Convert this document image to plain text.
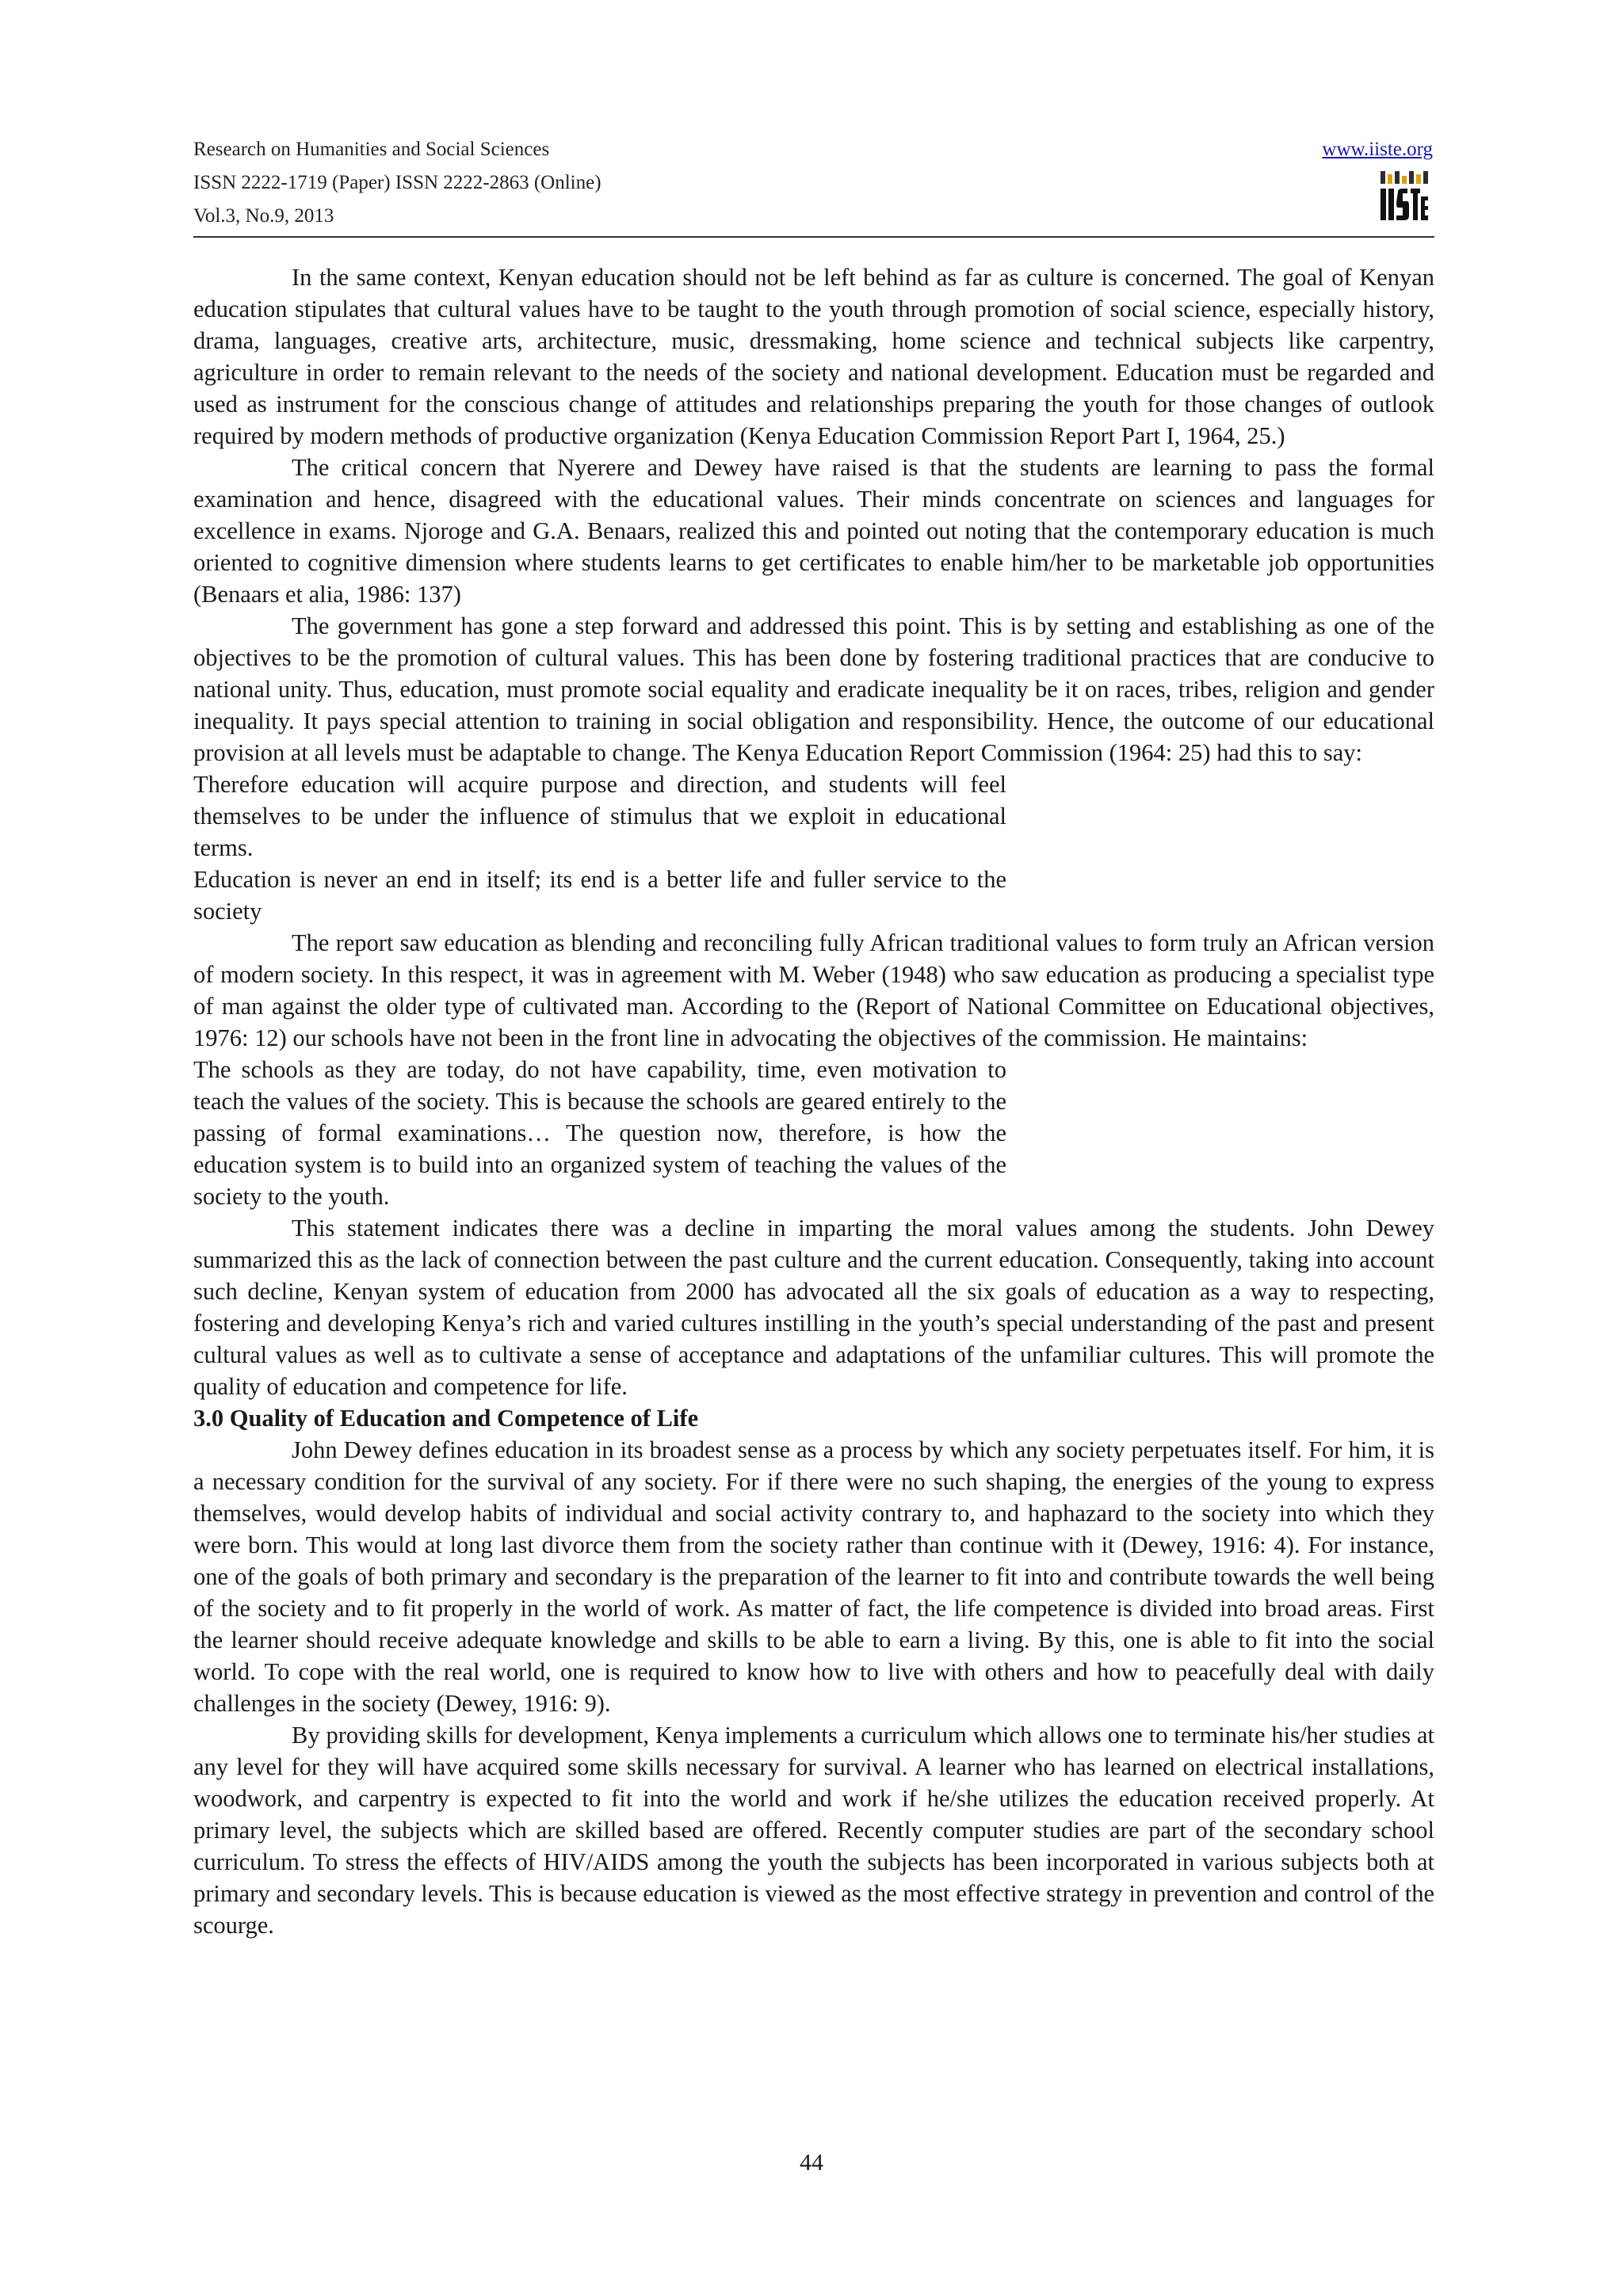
Research on Humanities and Social Sciences
ISSN 2222-1719 (Paper) ISSN 2222-2863 (Online)
Vol.3, No.9, 2013
www.iiste.org

In the same context, Kenyan education should not be left behind as far as culture is concerned. The goal of Kenyan education stipulates that cultural values have to be taught to the youth through promotion of social science, especially history, drama, languages, creative arts, architecture, music, dressmaking, home science and technical subjects like carpentry, agriculture in order to remain relevant to the needs of the society and national development. Education must be regarded and used as instrument for the conscious change of attitudes and relationships preparing the youth for those changes of outlook required by modern methods of productive organization (Kenya Education Commission Report Part I, 1964, 25.)

The critical concern that Nyerere and Dewey have raised is that the students are learning to pass the formal examination and hence, disagreed with the educational values. Their minds concentrate on sciences and languages for excellence in exams. Njoroge and G.A. Benaars, realized this and pointed out noting that the contemporary education is much oriented to cognitive dimension where students learns to get certificates to enable him/her to be marketable job opportunities (Benaars et alia, 1986: 137)

The government has gone a step forward and addressed this point. This is by setting and establishing as one of the objectives to be the promotion of cultural values. This has been done by fostering traditional practices that are conducive to national unity. Thus, education, must promote social equality and eradicate inequality be it on races, tribes, religion and gender inequality. It pays special attention to training in social obligation and responsibility. Hence, the outcome of our educational provision at all levels must be adaptable to change. The Kenya Education Report Commission (1964: 25) had this to say:

Therefore education will acquire purpose and direction, and students will feel themselves to be under the influence of stimulus that we exploit in educational terms.

Education is never an end in itself; its end is a better life and fuller service to the society

The report saw education as blending and reconciling fully African traditional values to form truly an African version of modern society. In this respect, it was in agreement with M. Weber (1948) who saw education as producing a specialist type of man against the older type of cultivated man. According to the (Report of National Committee on Educational objectives, 1976: 12) our schools have not been in the front line in advocating the objectives of the commission. He maintains:

The schools as they are today, do not have capability, time, even motivation to teach the values of the society. This is because the schools are geared entirely to the passing of formal examinations… The question now, therefore, is how the education system is to build into an organized system of teaching the values of the society to the youth.

This statement indicates there was a decline in imparting the moral values among the students. John Dewey summarized this as the lack of connection between the past culture and the current education. Consequently, taking into account such decline, Kenyan system of education from 2000 has advocated all the six goals of education as a way to respecting, fostering and developing Kenya’s rich and varied cultures instilling in the youth’s special understanding of the past and present cultural values as well as to cultivate a sense of acceptance and adaptations of the unfamiliar cultures. This will promote the quality of education and competence for life.

3.0 Quality of Education and Competence of Life

John Dewey defines education in its broadest sense as a process by which any society perpetuates itself. For him, it is a necessary condition for the survival of any society. For if there were no such shaping, the energies of the young to express themselves, would develop habits of individual and social activity contrary to, and haphazard to the society into which they were born. This would at long last divorce them from the society rather than continue with it (Dewey, 1916: 4). For instance, one of the goals of both primary and secondary is the preparation of the learner to fit into and contribute towards the well being of the society and to fit properly in the world of work. As matter of fact, the life competence is divided into broad areas. First the learner should receive adequate knowledge and skills to be able to earn a living. By this, one is able to fit into the social world. To cope with the real world, one is required to know how to live with others and how to peacefully deal with daily challenges in the society (Dewey, 1916: 9).

By providing skills for development, Kenya implements a curriculum which allows one to terminate his/her studies at any level for they will have acquired some skills necessary for survival. A learner who has learned on electrical installations, woodwork, and carpentry is expected to fit into the world and work if he/she utilizes the education received properly. At primary level, the subjects which are skilled based are offered. Recently computer studies are part of the secondary school curriculum. To stress the effects of HIV/AIDS among the youth the subjects has been incorporated in various subjects both at primary and secondary levels. This is because education is viewed as the most effective strategy in prevention and control of the scourge.

44
